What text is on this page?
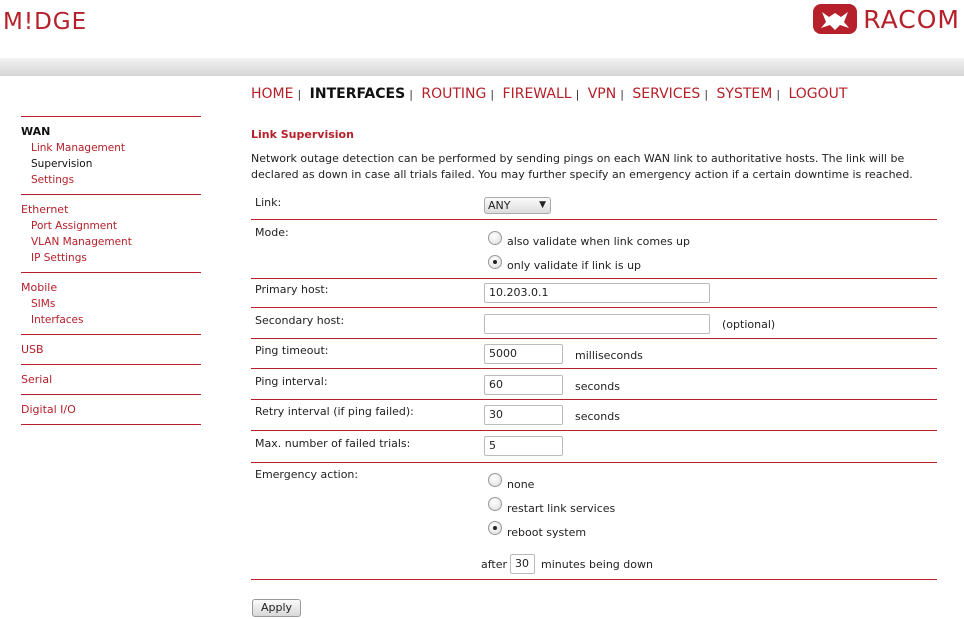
M!DGE	RACOM
HOME | INTERFACES | ROUTING | FIREWALL | VPN | SERVICES | SYSTEM | LOGOUT
WAN
Link Management
Supervision
Settings
Ethernet
Port Assignment
VLAN Management
IP Settings
Mobile
SIMs
Interfaces
USB
Serial
Digital I/O
Link Supervision
Network outage detection can be performed by sending pings on each WAN link to authoritative hosts. The link will be
declared as down in case all trials failed. You may further specify an emergency action if a certain downtime is reached.
Link:	ANY	▼
Mode:
also validate when link comes up
only validate if link is up
Primary host:	10.203.0.1
Secondary host:	(optional)
Ping timeout:	5000	milliseconds
Ping interval:	60	seconds
Retry interval (if ping failed):	30	seconds
Max. number of failed trials:	5
Emergency action:
none
restart link services
reboot system
after 30	minutes being down
Apply
